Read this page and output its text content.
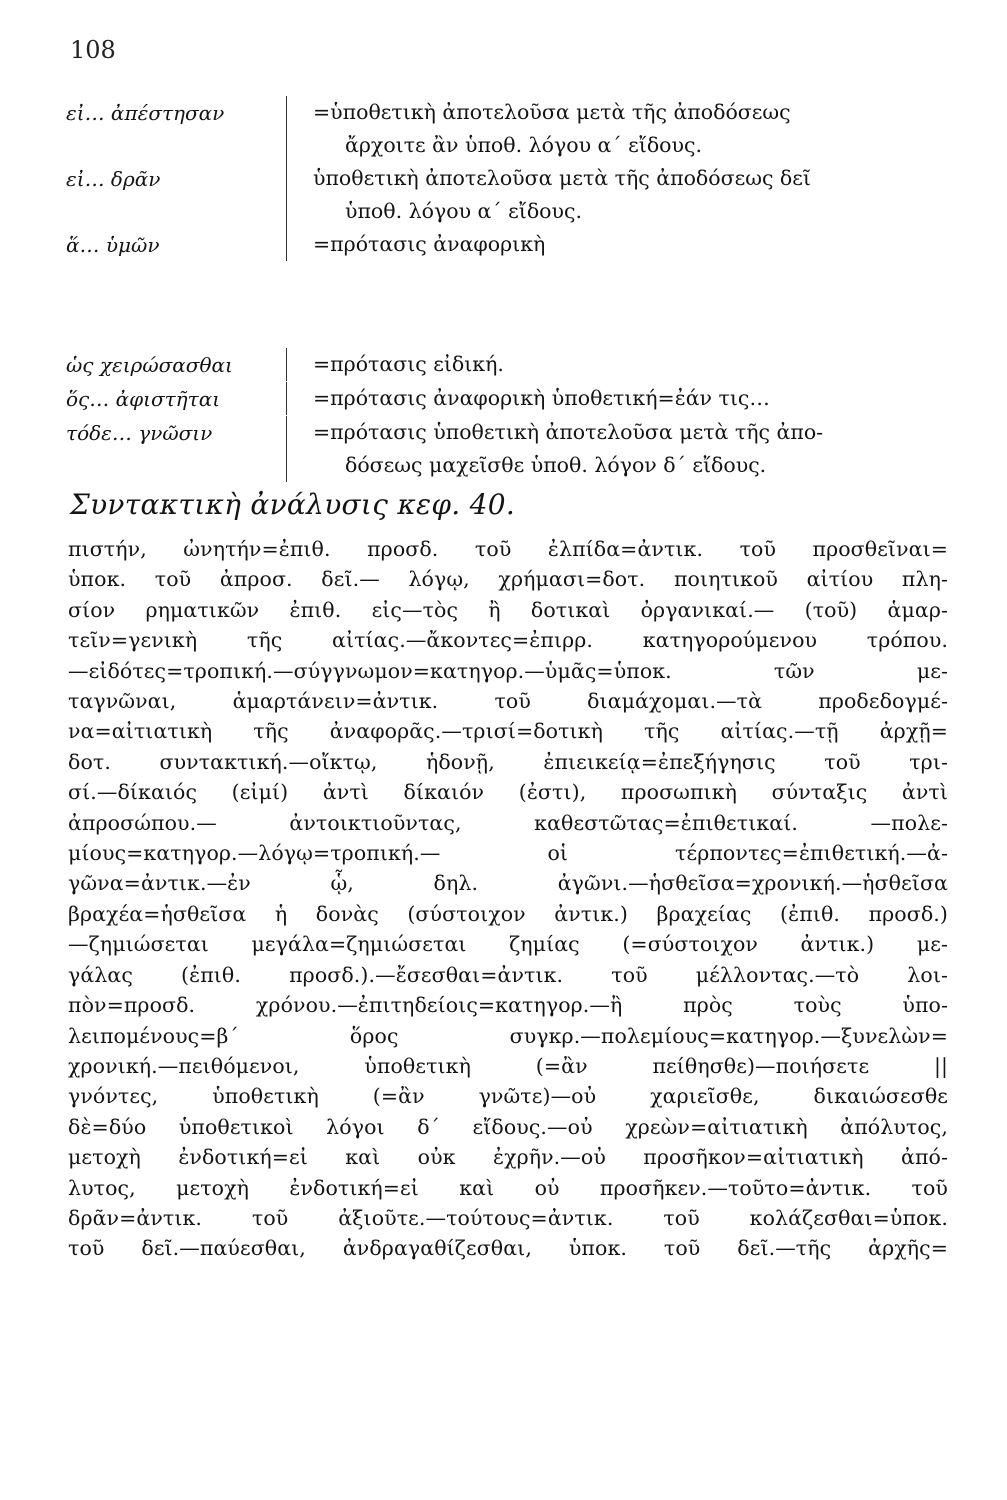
108
εἰ… ἀπέστησαν	=ὑποθετικὴ ἀποτελοῦσα μετὰ τῆς ἀποδόσεως
ἄρχοιτε ἂν ὑποθ. λόγου α΄ εἴδους.
εἰ… δρᾶν	ὑποθετικὴ ἀποτελοῦσα μετὰ τῆς ἀποδόσεως δεῖ
ὑποθ. λόγου α΄ εἴδους.
ἅ… ὑμῶν	=πρότασις ἀναφορικὴ
ὡς χειρώσασθαι	=πρότασις εἰδική.
ὅς… ἀφιστῆται	=πρότασις ἀναφορικὴ ὑποθετική=ἐάν τις…
τόδε… γνῶσιν	=πρότασις ὑποθετικὴ ἀποτελοῦσα μετὰ τῆς ἀπο-
δόσεως μαχεῖσθε ὑποθ. λόγον δ΄ εἴδους.
Συντακτικὴ ἀνάλυσις κεφ. 40.
πιστήν, ὠνητήν=ἐπιθ. προσδ. τοῦ ἐλπίδα=ἀντικ. τοῦ προσθεῖναι=
ὑποκ. τοῦ ἀπροσ. δεῖ.— λόγῳ, χρήμασι=δοτ. ποιητικοῦ αἰτίου πλη-
σίον ρηματικῶν ἐπιθ. εἰς—τὸς ἢ δοτικαὶ ὀργανικαί.— (τοῦ) ἁμαρ-
τεῖν=γενικὴ τῆς αἰτίας.—ἄκοντες=ἐπιρρ. κατηγορούμενου τρόπου.
—εἰδότες=τροπική.—σύγγνωμον=κατηγορ.—ὑμᾶς=ὑποκ. τῶν με-
ταγνῶναι, ἁμαρτάνειν=ἀντικ. τοῦ διαμάχομαι.—τὰ προδεδογμέ-
να=αἰτιατικὴ τῆς ἀναφορᾶς.—τρισί=δοτικὴ τῆς αἰτίας.—τῇ ἀρχῇ=
δοτ. συντακτική.—οἴκτῳ, ἡδονῇ, ἐπιεικείᾳ=ἐπεξήγησις τοῦ τρι-
σί.—δίκαιός (εἰμί) ἀντὶ δίκαιόν (ἐστι), προσωπικὴ σύνταξις ἀντὶ
ἀπροσώπου.— ἀντοικτιοῦντας, καθεστῶτας=ἐπιθετικαί. —πολε-
μίους=κατηγορ.—λόγῳ=τροπική.— οἱ τέρποντες=ἐπιθετική.—ἀ-
γῶνα=ἀντικ.—ἐν ᾧ, δηλ. ἀγῶνι.—ἡσθεῖσα=χρονική.—ἡσθεῖσα
βραχέα=ἡσθεῖσα ἡ δονὰς (σύστοιχον ἀντικ.) βραχείας (ἐπιθ. προσδ.)
—ζημιώσεται μεγάλα=ζημιώσεται ζημίας (=σύστοιχον ἀντικ.) με-
γάλας (ἐπιθ. προσδ.).—ἔσεσθαι=ἀντικ. τοῦ μέλλοντας.—τὸ λοι-
πὸν=προσδ. χρόνου.—ἐπιτηδείοις=κατηγορ.—ἢ πρὸς τοὺς ὑπο-
λειπομένους=β΄ ὅρος συγκρ.—πολεμίους=κατηγορ.—ξυνελὼν=
χρονική.—πειθόμενοι, ὑποθετικὴ (=ἂν πείθησθε)—ποιήσετε ||
γνόντες, ὑποθετικὴ (=ἂν γνῶτε)—οὐ χαριεῖσθε, δικαιώσεσθε
δὲ=δύο ὑποθετικοὶ λόγοι δ΄ εἴδους.—οὐ χρεὼν=αἰτιατικὴ ἀπόλυτος,
μετοχὴ ἐνδοτική=εἰ καὶ οὐκ ἐχρῆν.—οὐ προσῆκον=αἰτιατικὴ ἀπό-
λυτος, μετοχὴ ἐνδοτική=εἰ καὶ οὐ προσῆκεν.—τοῦτο=ἀντικ. τοῦ
δρᾶν=ἀντικ. τοῦ ἀξιοῦτε.—τούτους=ἀντικ. τοῦ κολάζεσθαι=ὑποκ.
τοῦ δεῖ.—παύεσθαι, ἀνδραγαθίζεσθαι, ὑποκ. τοῦ δεῖ.—τῆς ἀρχῆς=
